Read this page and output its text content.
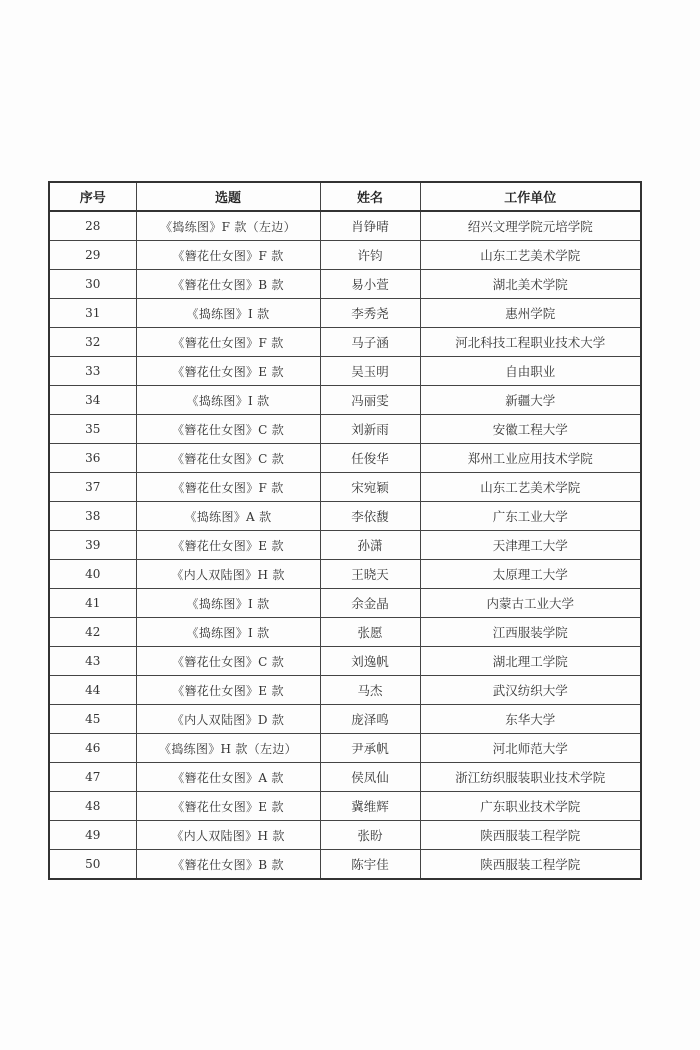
序号	选题	姓名	工作单位
28	《捣练图》F 款（左边）	肖铮晴	绍兴文理学院元培学院
29	《簪花仕女图》F 款	许钧	山东工艺美术学院
30	《簪花仕女图》B 款	易小萱	湖北美术学院
31	《捣练图》I 款	李秀尧	惠州学院
32	《簪花仕女图》F 款	马子涵	河北科技工程职业技术大学
33	《簪花仕女图》E 款	吴玉明	自由职业
34	《捣练图》I 款	冯丽雯	新疆大学
35	《簪花仕女图》C 款	刘新雨	安徽工程大学
36	《簪花仕女图》C 款	任俊华	郑州工业应用技术学院
37	《簪花仕女图》F 款	宋宛颖	山东工艺美术学院
38	《捣练图》A 款	李依馥	广东工业大学
39	《簪花仕女图》E 款	孙潇	天津理工大学
40	《内人双陆图》H 款	王晓天	太原理工大学
41	《捣练图》I 款	余金晶	内蒙古工业大学
42	《捣练图》I 款	张愿	江西服装学院
43	《簪花仕女图》C 款	刘逸帆	湖北理工学院
44	《簪花仕女图》E 款	马杰	武汉纺织大学
45	《内人双陆图》D 款	庞泽鸣	东华大学
46	《捣练图》H 款（左边）	尹承帆	河北师范大学
47	《簪花仕女图》A 款	侯凤仙	浙江纺织服装职业技术学院
48	《簪花仕女图》E 款	冀维辉	广东职业技术学院
49	《内人双陆图》H 款	张盼	陕西服装工程学院
50	《簪花仕女图》B 款	陈宇佳	陕西服装工程学院
